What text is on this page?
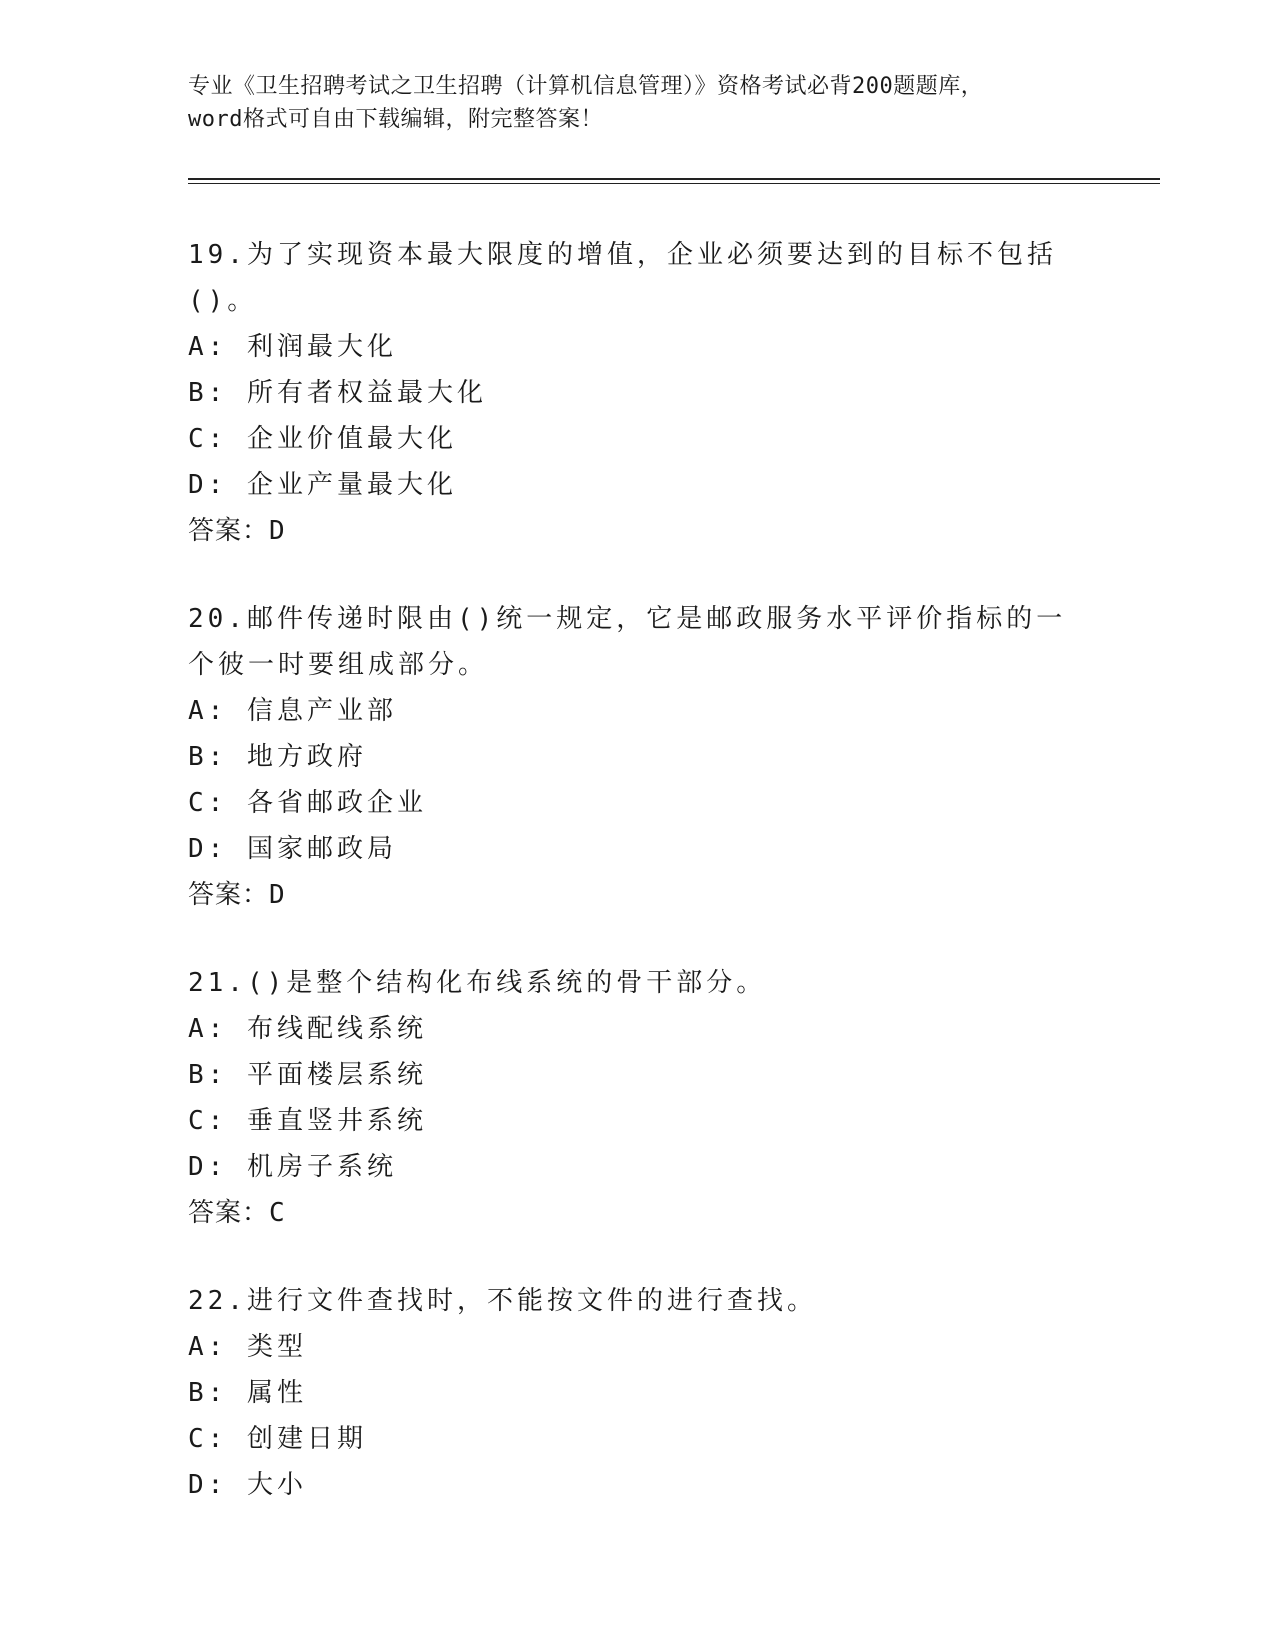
专业《卫生招聘考试之卫生招聘（计算机信息管理）》资格考试必背200题题库，
word格式可自由下载编辑，附完整答案！
19.为了实现资本最大限度的增值，企业必须要达到的目标不包括()。
A: 利润最大化
B: 所有者权益最大化
C: 企业价值最大化
D: 企业产量最大化
答案：D
20.邮件传递时限由()统一规定，它是邮政服务水平评价指标的一个彼一时要组成部分。
A: 信息产业部
B: 地方政府
C: 各省邮政企业
D: 国家邮政局
答案：D
21.()是整个结构化布线系统的骨干部分。
A: 布线配线系统
B: 平面楼层系统
C: 垂直竖井系统
D: 机房子系统
答案：C
22.进行文件查找时，不能按文件的进行查找。
A: 类型
B: 属性
C: 创建日期
D: 大小
